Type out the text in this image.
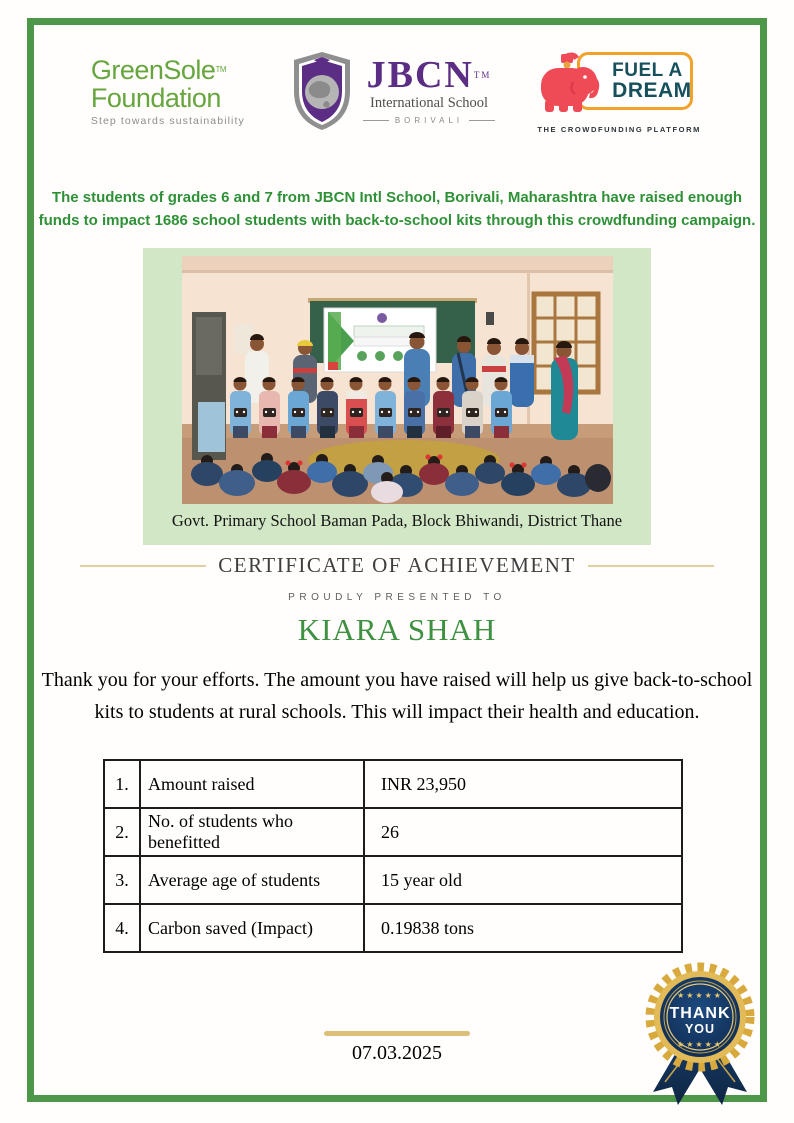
GreenSole™
Foundation
Step towards sustainability
JBCN™
International School
BORIVALI
FUEL A
DREAM
THE CROWDFUNDING PLATFORM
The students of grades 6 and 7 from JBCN Intl School, Borivali, Maharashtra have raised enough funds to impact 1686 school students with back-to-school kits through this crowdfunding campaign.
Govt. Primary School Baman Pada, Block Bhiwandi, District Thane
CERTIFICATE OF ACHIEVEMENT
PROUDLY PRESENTED TO
KIARA SHAH
Thank you for your efforts. The amount you have raised will help us give back-to-school kits to students at rural schools. This will impact their health and education.
1.	Amount raised	INR 23,950
2.	No. of students who benefitted	26
3.	Average age of students	15 year old
4.	Carbon saved (Impact)	0.19838 tons
07.03.2025
★★★★★
THANK
YOU
★★★★★
